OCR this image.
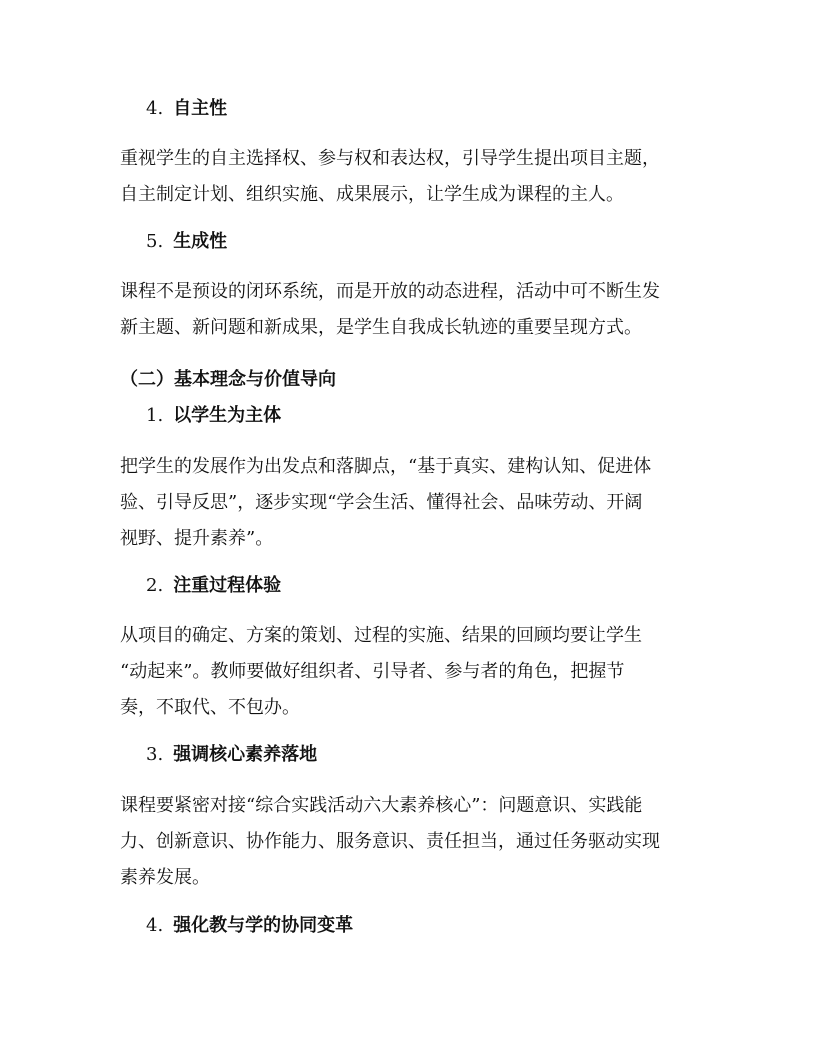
4. 自主性
重视学生的自主选择权、参与权和表达权，引导学生提出项目主题，
自主制定计划、组织实施、成果展示，让学生成为课程的主人。
5. 生成性
课程不是预设的闭环系统，而是开放的动态进程，活动中可不断生发
新主题、新问题和新成果，是学生自我成长轨迹的重要呈现方式。
（二）基本理念与价值导向
1. 以学生为主体
把学生的发展作为出发点和落脚点，“基于真实、建构认知、促进体
验、引导反思”，逐步实现“学会生活、懂得社会、品味劳动、开阔
视野、提升素养”。
2. 注重过程体验
从项目的确定、方案的策划、过程的实施、结果的回顾均要让学生
“动起来”。教师要做好组织者、引导者、参与者的角色，把握节
奏，不取代、不包办。
3. 强调核心素养落地
课程要紧密对接“综合实践活动六大素养核心”：问题意识、实践能
力、创新意识、协作能力、服务意识、责任担当，通过任务驱动实现
素养发展。
4. 强化教与学的协同变革
